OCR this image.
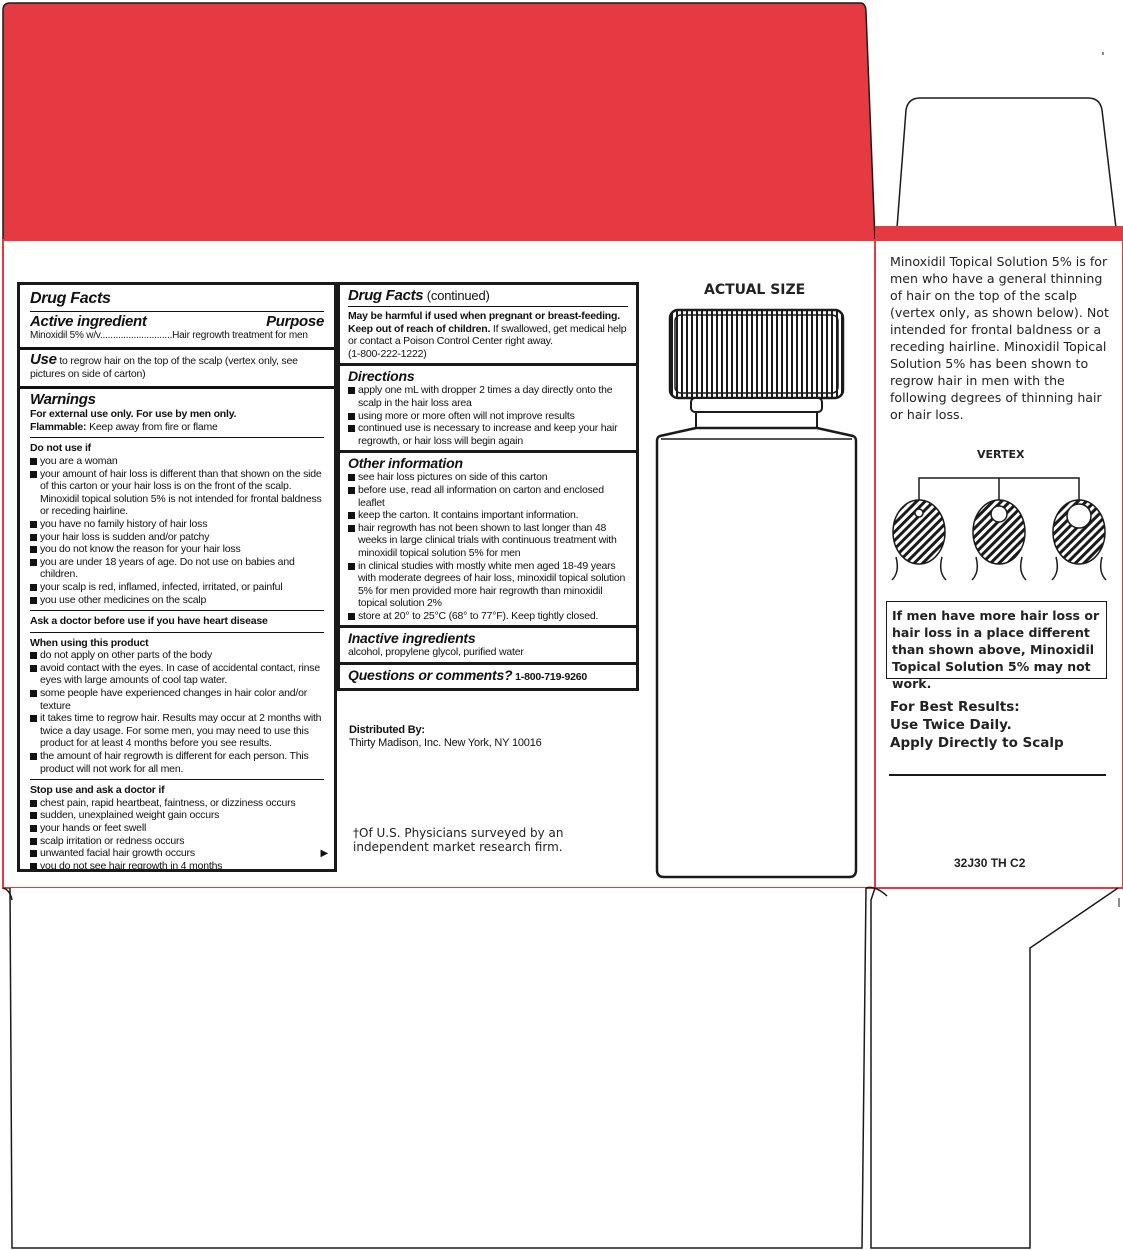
Drug Facts
Active ingredient	Purpose
Minoxidil 5% w/v............................Hair regrowth treatment for men
Use to regrow hair on the top of the scalp (vertex only, see pictures on side of carton)
Warnings
For external use only. For use by men only.
Flammable: Keep away from fire or flame
Do not use if
you are a woman
your amount of hair loss is different than that shown on the side of this carton or your hair loss is on the front of the scalp. Minoxidil topical solution 5% is not intended for frontal baldness or receding hairline.
you have no family history of hair loss
your hair loss is sudden and/or patchy
you do not know the reason for your hair loss
you are under 18 years of age. Do not use on babies and children.
your scalp is red, inflamed, infected, irritated, or painful
you use other medicines on the scalp
Ask a doctor before use if you have heart disease
When using this product
do not apply on other parts of the body
avoid contact with the eyes. In case of accidental contact, rinse eyes with large amounts of cool tap water.
some people have experienced changes in hair color and/or texture
it takes time to regrow hair. Results may occur at 2 months with twice a day usage. For some men, you may need to use this product for at least 4 months before you see results.
the amount of hair regrowth is different for each person. This product will not work for all men.
Stop use and ask a doctor if
chest pain, rapid heartbeat, faintness, or dizziness occurs
sudden, unexplained weight gain occurs
your hands or feet swell
scalp irritation or redness occurs
unwanted facial hair growth occurs
you do not see hair regrowth in 4 months
▶
Drug Facts (continued)
May be harmful if used when pregnant or breast-feeding.
Keep out of reach of children. If swallowed, get medical help or contact a Poison Control Center right away.
(1-800-222-1222)
Directions
apply one mL with dropper 2 times a day directly onto the scalp in the hair loss area
using more or more often will not improve results
continued use is necessary to increase and keep your hair regrowth, or hair loss will begin again
Other information
see hair loss pictures on side of this carton
before use, read all information on carton and enclosed leaflet
keep the carton. It contains important information.
hair regrowth has not been shown to last longer than 48 weeks in large clinical trials with continuous treatment with minoxidil topical solution 5% for men
in clinical studies with mostly white men aged 18-49 years with moderate degrees of hair loss, minoxidil topical solution 5% for men provided more hair regrowth than minoxidil topical solution 2%
store at 20° to 25°C (68° to 77°F). Keep tightly closed.
Inactive ingredients
alcohol, propylene glycol, purified water
Questions or comments? 1-800-719-9260
Distributed By:
Thirty Madison, Inc. New York, NY 10016
†Of U.S. Physicians surveyed by an independent market research firm.
ACTUAL SIZE
Minoxidil Topical Solution 5% is for men who have a general thinning of hair on the top of the scalp (vertex only, as shown below). Not intended for frontal baldness or a receding hairline. Minoxidil Topical Solution 5% has been shown to regrow hair in men with the following degrees of thinning hair or hair loss.
VERTEX
If men have more hair loss or hair loss in a place different than shown above, Minoxidil Topical Solution 5% may not work.
For Best Results:
Use Twice Daily.
Apply Directly to Scalp
32J30 TH C2
